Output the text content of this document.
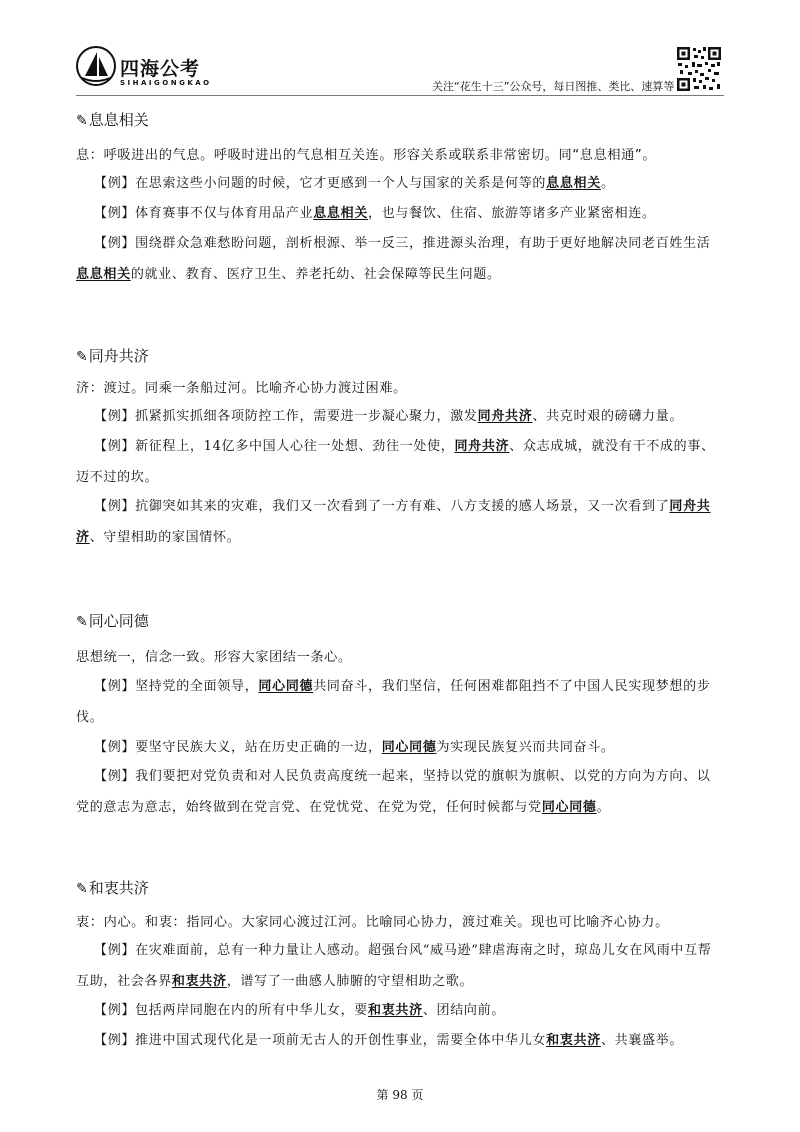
四海公考
SIHAIGONGKAO	关注“花生十三”公众号，每日图推、类比、速算等
✎息息相关
息：呼吸进出的气息。呼吸时进出的气息相互关连。形容关系或联系非常密切。同“息息相通”。
【例】在思索这些小问题的时候，它才更感到一个人与国家的关系是何等的息息相关。
【例】体育赛事不仅与体育用品产业息息相关，也与餐饮、住宿、旅游等诸多产业紧密相连。
【例】围绕群众急难愁盼问题，剖析根源、举一反三，推进源头治理，有助于更好地解决同老百姓生活息息相关的就业、教育、医疗卫生、养老托幼、社会保障等民生问题。
✎同舟共济
济：渡过。同乘一条船过河。比喻齐心协力渡过困难。
【例】抓紧抓实抓细各项防控工作，需要进一步凝心聚力，激发同舟共济、共克时艰的磅礴力量。
【例】新征程上，14亿多中国人心往一处想、劲往一处使，同舟共济、众志成城，就没有干不成的事、迈不过的坎。
【例】抗御突如其来的灾难，我们又一次看到了一方有难、八方支援的感人场景，又一次看到了同舟共济、守望相助的家国情怀。
✎同心同德
思想统一，信念一致。形容大家团结一条心。
【例】坚持党的全面领导，同心同德共同奋斗，我们坚信，任何困难都阻挡不了中国人民实现梦想的步伐。
【例】要坚守民族大义，站在历史正确的一边，同心同德为实现民族复兴而共同奋斗。
【例】我们要把对党负责和对人民负责高度统一起来，坚持以党的旗帜为旗帜、以党的方向为方向、以党的意志为意志，始终做到在党言党、在党忧党、在党为党，任何时候都与党同心同德。
✎和衷共济
衷：内心。和衷：指同心。大家同心渡过江河。比喻同心协力，渡过难关。现也可比喻齐心协力。
【例】在灾难面前，总有一种力量让人感动。超强台风“威马逊”肆虐海南之时，琼岛儿女在风雨中互帮互助，社会各界和衷共济，谱写了一曲感人肺腑的守望相助之歌。
【例】包括两岸同胞在内的所有中华儿女，要和衷共济、团结向前。
【例】推进中国式现代化是一项前无古人的开创性事业，需要全体中华儿女和衷共济、共襄盛举。
第 98 页
